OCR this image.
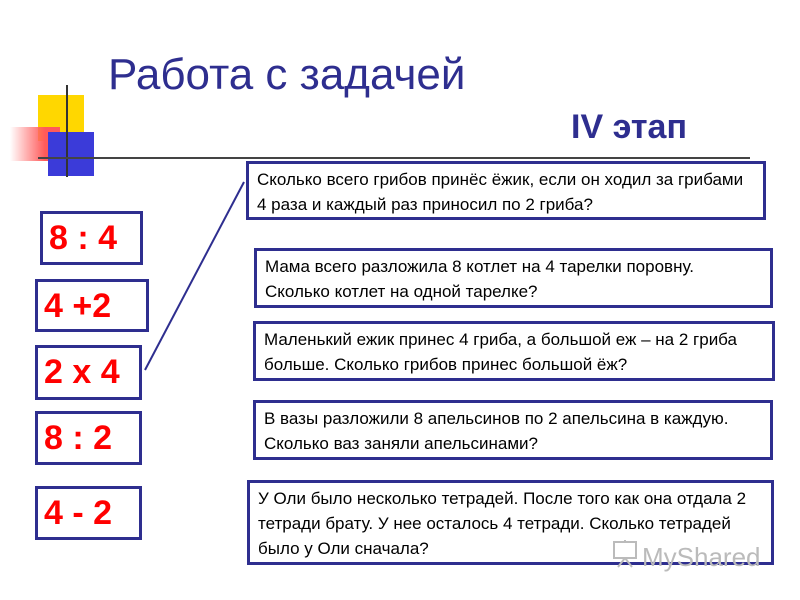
Работа с задачей
IV этап
8 : 4
4 +2
2 х 4
8 : 2
4 - 2
Сколько всего грибов принёс ёжик, если он ходил за грибами 4 раза и каждый раз приносил по 2 гриба?
Мама всего разложила 8 котлет на 4 тарелки поровну. Сколько котлет на одной тарелке?
Маленький ежик принес 4 гриба, а большой еж – на 2 гриба больше. Сколько грибов принес большой ёж?
В вазы разложили 8 апельсинов по 2 апельсина в каждую. Сколько ваз заняли апельсинами?
У Оли было несколько тетрадей. После того как она отдала 2 тетради брату. У нее осталось 4 тетради. Сколько тетрадей было у Оли сначала?	MyShared
